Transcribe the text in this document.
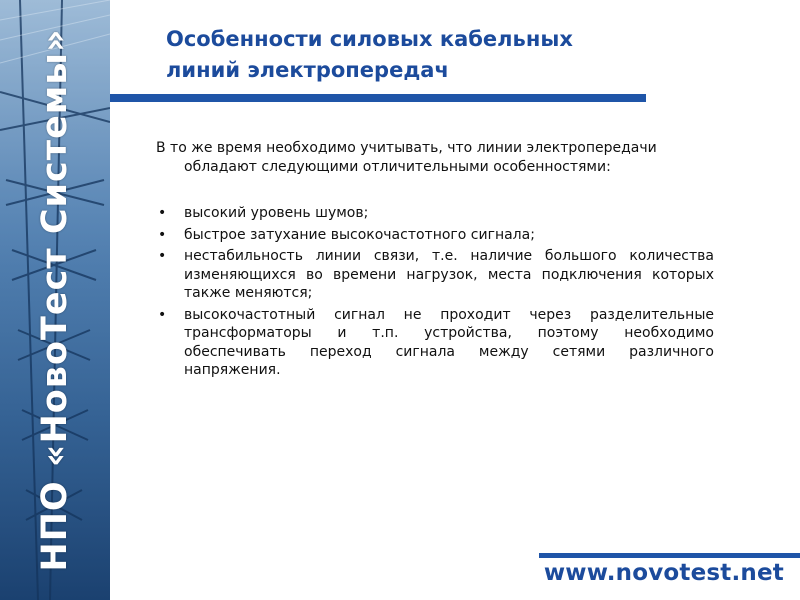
НПО «НовоТест Системы»	Особенности силовых кабельных
линий электропередач

В то же время необходимо учитывать, что линии электропередачи обладают следующими отличительными особенностями:

• высокий уровень шумов;
• быстрое затухание высокочастотного сигнала;
• нестабильность линии связи, т.е. наличие большого количества изменяющихся во времени нагрузок, места подключения которых также меняются;
• высокочастотный сигнал не проходит через разделительные трансформаторы и т.п. устройства, поэтому необходимо обеспечивать переход сигнала между сетями различного напряжения.
www.novotest.net
